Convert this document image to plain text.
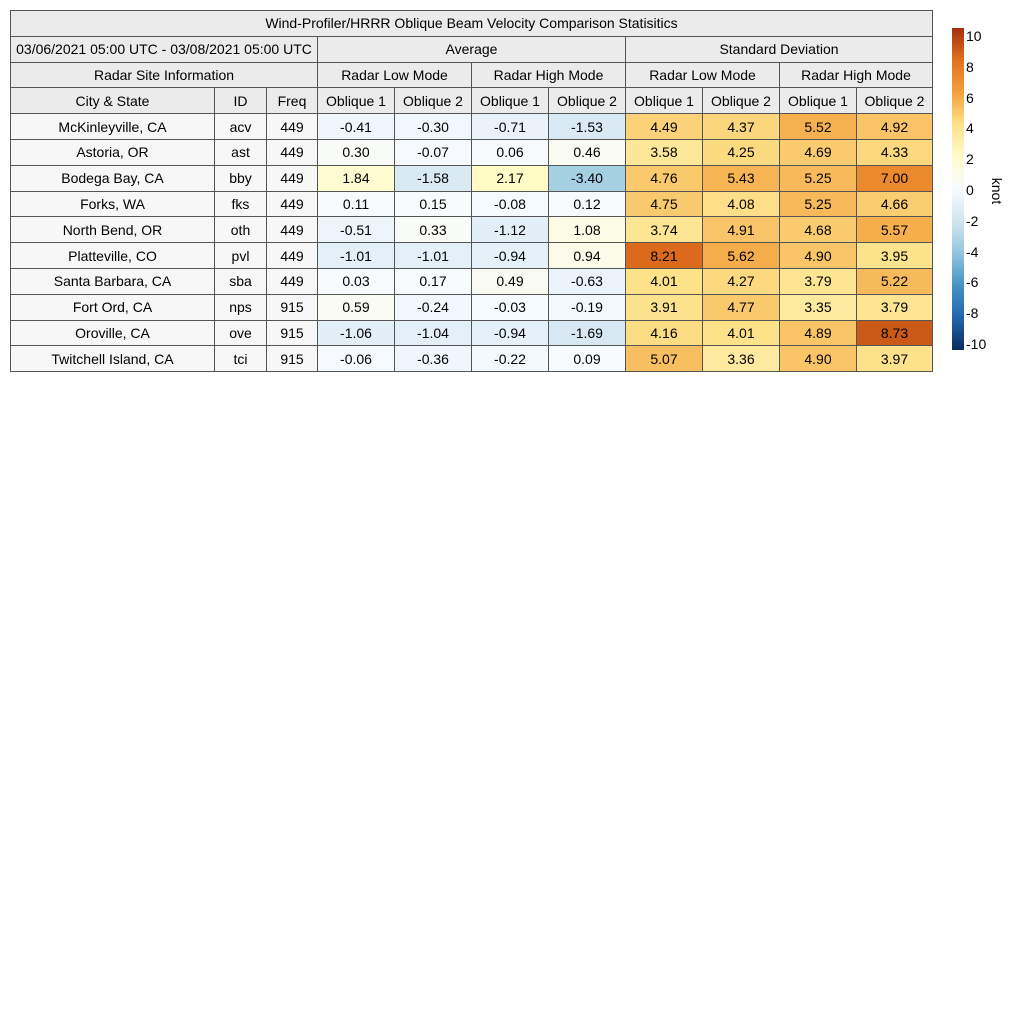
Wind-Profiler/HRRR Oblique Beam Velocity Comparison Statisitics										
03/06/2021 05:00 UTC - 03/08/2021 05:00 UTC			Average				Standard Deviation			
Radar Site Information			Radar Low Mode		Radar High Mode		Radar Low Mode		Radar High Mode	
City & State	ID	Freq	Oblique 1	Oblique 2	Oblique 1	Oblique 2	Oblique 1	Oblique 2	Oblique 1	Oblique 2
McKinleyville, CA	acv	449	-0.41	-0.30	-0.71	-1.53	4.49	4.37	5.52	4.92
Astoria, OR	ast	449	0.30	-0.07	0.06	0.46	3.58	4.25	4.69	4.33
Bodega Bay, CA	bby	449	1.84	-1.58	2.17	-3.40	4.76	5.43	5.25	7.00
Forks, WA	fks	449	0.11	0.15	-0.08	0.12	4.75	4.08	5.25	4.66
North Bend, OR	oth	449	-0.51	0.33	-1.12	1.08	3.74	4.91	4.68	5.57
Platteville, CO	pvl	449	-1.01	-1.01	-0.94	0.94	8.21	5.62	4.90	3.95
Santa Barbara, CA	sba	449	0.03	0.17	0.49	-0.63	4.01	4.27	3.79	5.22
Fort Ord, CA	nps	915	0.59	-0.24	-0.03	-0.19	3.91	4.77	3.35	3.79
Oroville, CA	ove	915	-1.06	-1.04	-0.94	-1.69	4.16	4.01	4.89	8.73
Twitchell Island, CA	tci	915	-0.06	-0.36	-0.22	0.09	5.07	3.36	4.90	3.97
10
8
6
4
2
0
-2
-4
-6
-8
-10
knot
